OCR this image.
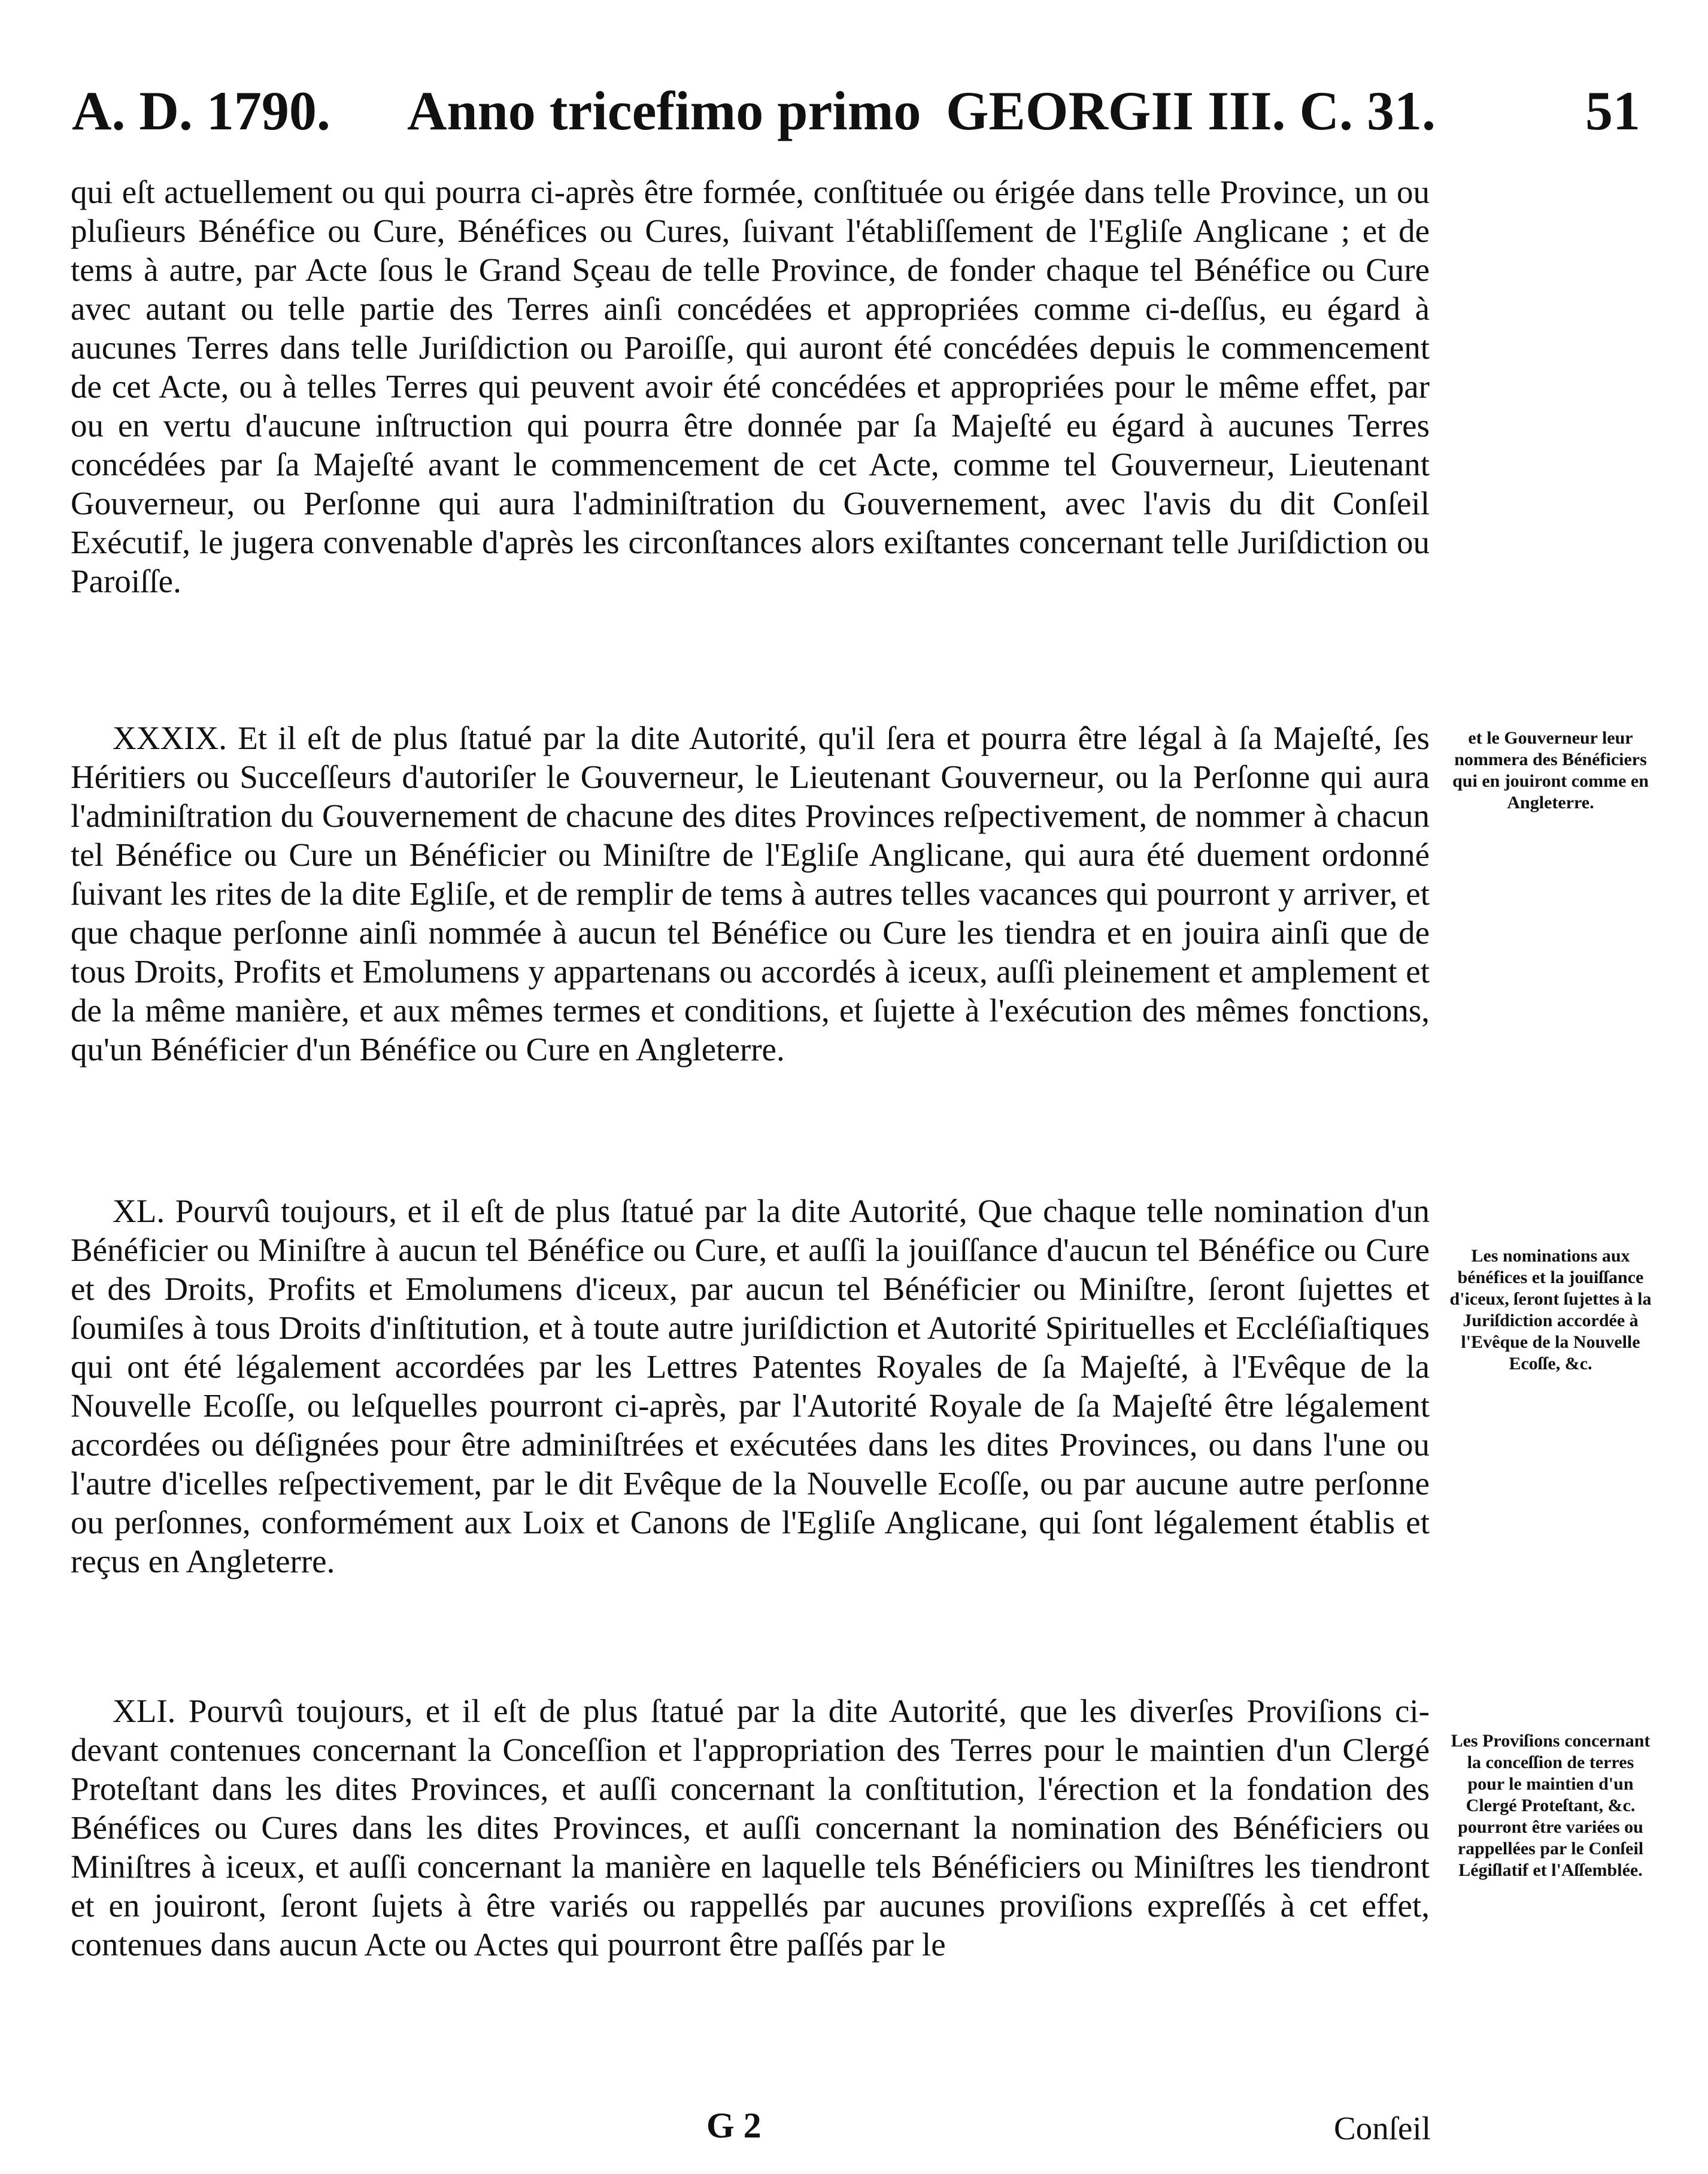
A. D. 1790. Anno tricefimo primo GEORGII III. C. 31.	51

qui eſt actuellement ou qui pourra ci-après être formée, conſtituée ou érigée dans telle Province, un ou pluſieurs Bénéfice ou Cure, Bénéfices ou Cures, ſuivant l'établiſſement de l'Egliſe Anglicane ; et de tems à autre, par Acte ſous le Grand Sçeau de telle Province, de fonder chaque tel Bénéfice ou Cure avec autant ou telle partie des Terres ainſi concédées et appropriées comme ci-deſſus, eu égard à aucunes Terres dans telle Juriſdiction ou Paroiſſe, qui auront été concédées depuis le commencement de cet Acte, ou à telles Terres qui peuvent avoir été concédées et appropriées pour le même effet, par ou en vertu d'aucune inſtruction qui pourra être donnée par ſa Majeſté eu égard à aucunes Terres concédées par ſa Majeſté avant le commencement de cet Acte, comme tel Gouverneur, Lieutenant Gouverneur, ou Perſonne qui aura l'adminiſtration du Gouvernement, avec l'avis du dit Conſeil Exécutif, le jugera convenable d'après les circonſtances alors exiſtantes concernant telle Juriſdiction ou Paroiſſe.

XXXIX. Et il eſt de plus ſtatué par la dite Autorité, qu'il ſera et pourra être légal à ſa Majeſté, ſes Héritiers ou Succeſſeurs d'autoriſer le Gouverneur, le Lieutenant Gouverneur, ou la Perſonne qui aura l'adminiſtration du Gouvernement de chacune des dites Provinces reſpectivement, de nommer à chacun tel Bénéfice ou Cure un Bénéficier ou Miniſtre de l'Egliſe Anglicane, qui aura été duement ordonné ſuivant les rites de la dite Egliſe, et de remplir de tems à autres telles vacances qui pourront y arriver, et que chaque perſonne ainſi nommée à aucun tel Bénéfice ou Cure les tiendra et en jouira ainſi que de tous Droits, Profits et Emolumens y appartenans ou accordés à iceux, auſſi pleinement et amplement et de la même manière, et aux mêmes termes et conditions, et ſujette à l'exécution des mêmes fonctions, qu'un Bénéficier d'un Bénéfice ou Cure en Angleterre.

XL. Pourvû toujours, et il eſt de plus ſtatué par la dite Autorité, Que chaque telle nomination d'un Bénéficier ou Miniſtre à aucun tel Bénéfice ou Cure, et auſſi la jouiſſance d'aucun tel Bénéfice ou Cure et des Droits, Profits et Emolumens d'iceux, par aucun tel Bénéficier ou Miniſtre, ſeront ſujettes et ſoumiſes à tous Droits d'inſtitution, et à toute autre juriſdiction et Autorité Spirituelles et Eccléſiaſtiques qui ont été légalement accordées par les Lettres Patentes Royales de ſa Majeſté, à l'Evêque de la Nouvelle Ecoſſe, ou leſquelles pourront ci-après, par l'Autorité Royale de ſa Majeſté être légalement accordées ou déſignées pour être adminiſtrées et exécutées dans les dites Provinces, ou dans l'une ou l'autre d'icelles reſpectivement, par le dit Evêque de la Nouvelle Ecoſſe, ou par aucune autre perſonne ou perſonnes, conformément aux Loix et Canons de l'Egliſe Anglicane, qui ſont légalement établis et reçus en Angleterre.

XLI. Pourvû toujours, et il eſt de plus ſtatué par la dite Autorité, que les diverſes Proviſions ci-devant contenues concernant la Conceſſion et l'appropriation des Terres pour le maintien d'un Clergé Proteſtant dans les dites Provinces, et auſſi concernant la conſtitution, l'érection et la fondation des Bénéfices ou Cures dans les dites Provinces, et auſſi concernant la nomination des Bénéficiers ou Miniſtres à iceux, et auſſi concernant la manière en laquelle tels Bénéficiers ou Miniſtres les tiendront et en jouiront, ſeront ſujets à être variés ou rappellés par aucunes proviſions expreſſés à cet effet, contenues dans aucun Acte ou Actes qui pourront être paſſés par le

et le Gouverneur leur nommera des Bénéficiers qui en jouiront comme en Angleterre.

Les nominations aux bénéfices et la jouiſſance d'iceux, ſeront ſujettes à la Juriſdiction accordée à l'Evêque de la Nouvelle Ecoſſe, &c.

Les Proviſions concernant la conceſſion de terres pour le maintien d'un Clergé Proteſtant, &c. pourront être variées ou rappellées par le Conſeil Légiſlatif et l'Aſſemblée.

G 2	Conſeil
